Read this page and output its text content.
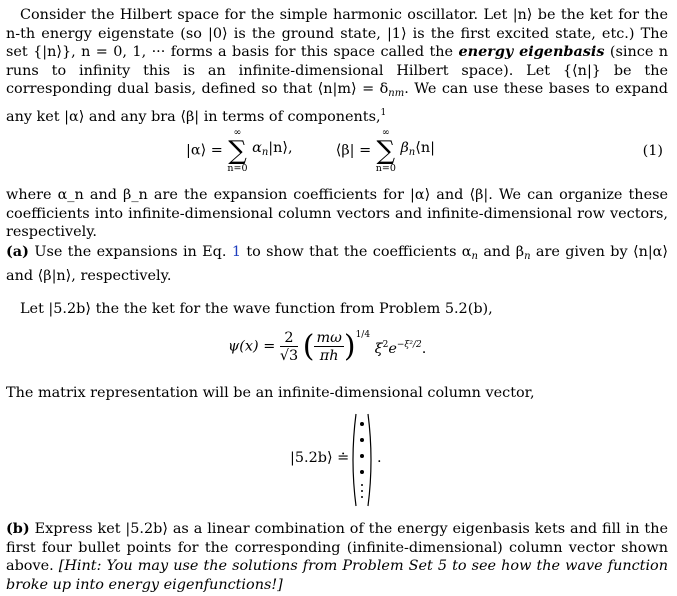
Consider the Hilbert space for the simple harmonic oscillator. Let |n⟩ be the ket for the n-th energy eigenstate (so |0⟩ is the ground state, |1⟩ is the first excited state, etc.) The set {|n⟩}, n = 0, 1, ··· forms a basis for this space called the energy eigenbasis (since n runs to infinity this is an infinite-dimensional Hilbert space). Let {⟨n|} be the corresponding dual basis, defined so that ⟨n|m⟩ = $\delta_{nm}$. We can use these bases to expand any ket |α⟩ and any bra ⟨β| in terms of components,$^1$
|α⟩ =
∞
∑
n=0
$\alpha_n|n⟩$,	⟨β| =
∞
∑
n=0
$\beta_n⟨n|$	(1)
where α_n and β_n are the expansion coefficients for |α⟩ and ⟨β|. We can organize these coefficients into infinite-dimensional column vectors and infinite-dimensional row vectors, respectively.
(a) Use the expansions in Eq. 1 to show that the coefficients $\alpha_n$ and $\beta_n$ are given by ⟨n|α⟩ and ⟨β|n⟩, respectively.
Let |5.2b⟩ the the ket for the wave function from Problem 5.2(b),
$\psi(x) = \frac{2}{√3}$ ( $\frac{m\omega}{\pi h} )^{1/4}$ $\xi^2e^{-\xi^2/2}$.
The matrix representation will be an infinite-dimensional column vector,
|5.2b⟩ ≐ .
(b) Express ket |5.2b⟩ as a linear combination of the energy eigenbasis kets and fill in the first four bullet points for the corresponding (infinite-dimensional) column vector shown above. [Hint: You may use the solutions from Problem Set 5 to see how the wave function broke up into energy eigenfunctions!]
